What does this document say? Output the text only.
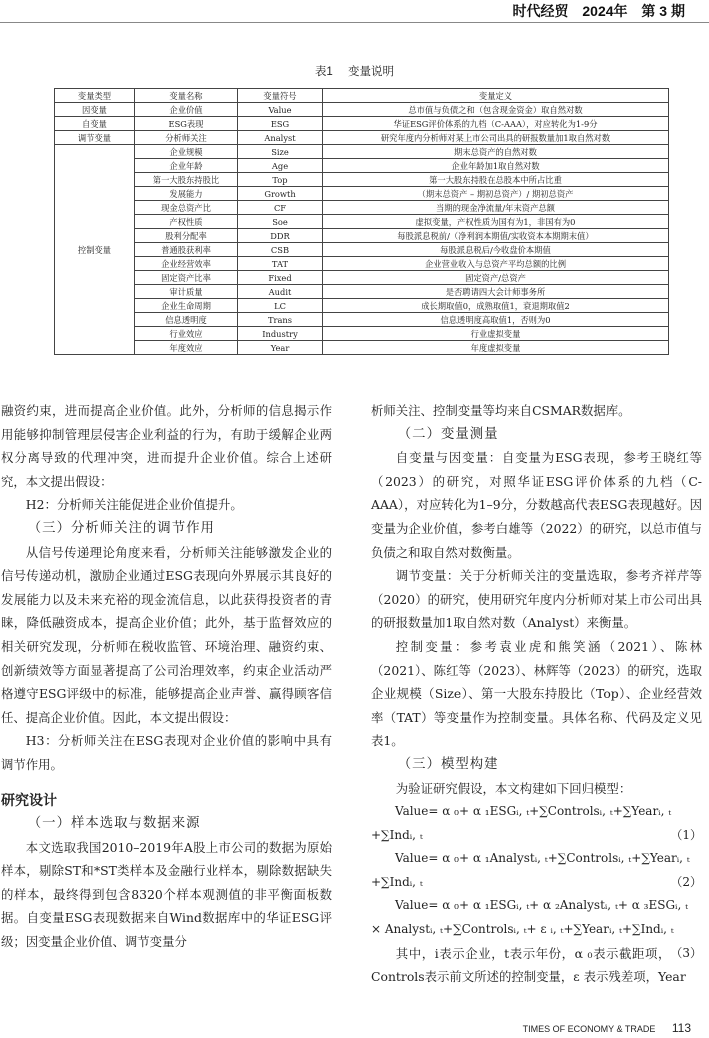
时代经贸 2024年 第 3 期
表1 变量说明
变量类型	变量名称	变量符号	变量定义
因变量	企业价值	Value	总市值与负债之和（包含现金资金）取自然对数
自变量	ESG表现	ESG	华证ESG评价体系的九档（C-AAA），对应转化为1-9分
调节变量	分析师关注	Analyst	研究年度内分析师对某上市公司出具的研报数量加1取自然对数
控制变量	企业规模	Size	期末总资产的自然对数
	企业年龄	Age	企业年龄加1取自然对数
	第一大股东持股比	Top	第一大股东持股在总股本中所占比重
	发展能力	Growth	（期末总资产 – 期初总资产）/ 期初总资产
	现金总资产比	CF	当期的现金净流量/年末资产总额
	产权性质	Soe	虚拟变量，产权性质为国有为1，非国有为0
	股利分配率	DDR	每股派息税前/（净利润本期值/实收资本本期期末值）
	普通股获利率	CSB	每股派息税后/今收盘价本期值
	企业经营效率	TAT	企业营业收入与总资产平均总额的比例
	固定资产比率	Fixed	固定资产/总资产
	审计质量	Audit	是否聘请四大会计师事务所
	企业生命周期	LC	成长期取值0，成熟取值1，衰退期取值2
	信息透明度	Trans	信息透明度高取值1，否则为0
	行业效应	Industry	行业虚拟变量
	年度效应	Year	年度虚拟变量

融资约束，进而提高企业价值。此外，分析师的信息揭示作用能够抑制管理层侵害企业利益的行为，有助于缓解企业两权分离导致的代理冲突，进而提升企业价值。综合上述研究，本文提出假设：

H2：分析师关注能促进企业价值提升。

（三）分析师关注的调节作用

从信号传递理论角度来看，分析师关注能够激发企业的信号传递动机，激励企业通过ESG表现向外界展示其良好的发展能力以及未来充裕的现金流信息，以此获得投资者的青睐，降低融资成本，提高企业价值；此外，基于监督效应的相关研究发现，分析师在税收监管、环境治理、融资约束、创新绩效等方面显著提高了公司治理效率，约束企业活动严格遵守ESG评级中的标准，能够提高企业声誉、赢得顾客信任、提高企业价值。因此，本文提出假设：

H3：分析师关注在ESG表现对企业价值的影响中具有调节作用。

研究设计

（一）样本选取与数据来源

本文选取我国2010–2019年A股上市公司的数据为原始样本，剔除ST和*ST类样本及金融行业样本，剔除数据缺失的样本，最终得到包含8320个样本观测值的非平衡面板数据。自变量ESG表现数据来自Wind数据库中的华证ESG评级；因变量企业价值、调节变量分

析师关注、控制变量等均来自CSMAR数据库。

（二）变量测量

自变量与因变量：自变量为ESG表现，参考王晓红等（2023）的研究，对照华证ESG评价体系的九档（C-AAA），对应转化为1–9分，分数越高代表ESG表现越好。因变量为企业价值，参考白雄等（2022）的研究，以总市值与负债之和取自然对数衡量。

调节变量：关于分析师关注的变量选取，参考齐祥芹等（2020）的研究，使用研究年度内分析师对某上市公司出具的研报数量加1取自然对数（Analyst）来衡量。

控制变量：参考袁业虎和熊笑涵（2021）、陈林（2021）、陈红等（2023）、林辉等（2023）的研究，选取企业规模（Size）、第一大股东持股比（Top）、企业经营效率（TAT）等变量作为控制变量。具体名称、代码及定义见表1。

（三）模型构建

为验证研究假设，本文构建如下回归模型：

Value= α ₀+ α ₁ESGᵢ, ₜ+∑Controlsᵢ, ₜ+∑Yearᵢ, ₜ

+∑Indᵢ, ₜ	（1）

Value= α ₀+ α ₁Analystᵢ, ₜ+∑Controlsᵢ, ₜ+∑Yearᵢ, ₜ

+∑Indᵢ, ₜ	（2）

Value= α ₀+ α ₁ESGᵢ, ₜ+ α ₂Analystᵢ, ₜ+ α ₃ESGᵢ, ₜ

× Analystᵢ, ₜ+∑Controlsᵢ, ₜ+ ε ᵢ, ₜ+∑Yearᵢ, ₜ+∑Indᵢ, ₜ
（3）

其中，i表示企业，t表示年份，α ₀表示截距项，Controls表示前文所述的控制变量，ε 表示残差项，Year

TIMES OF ECONOMY & TRADE 113
